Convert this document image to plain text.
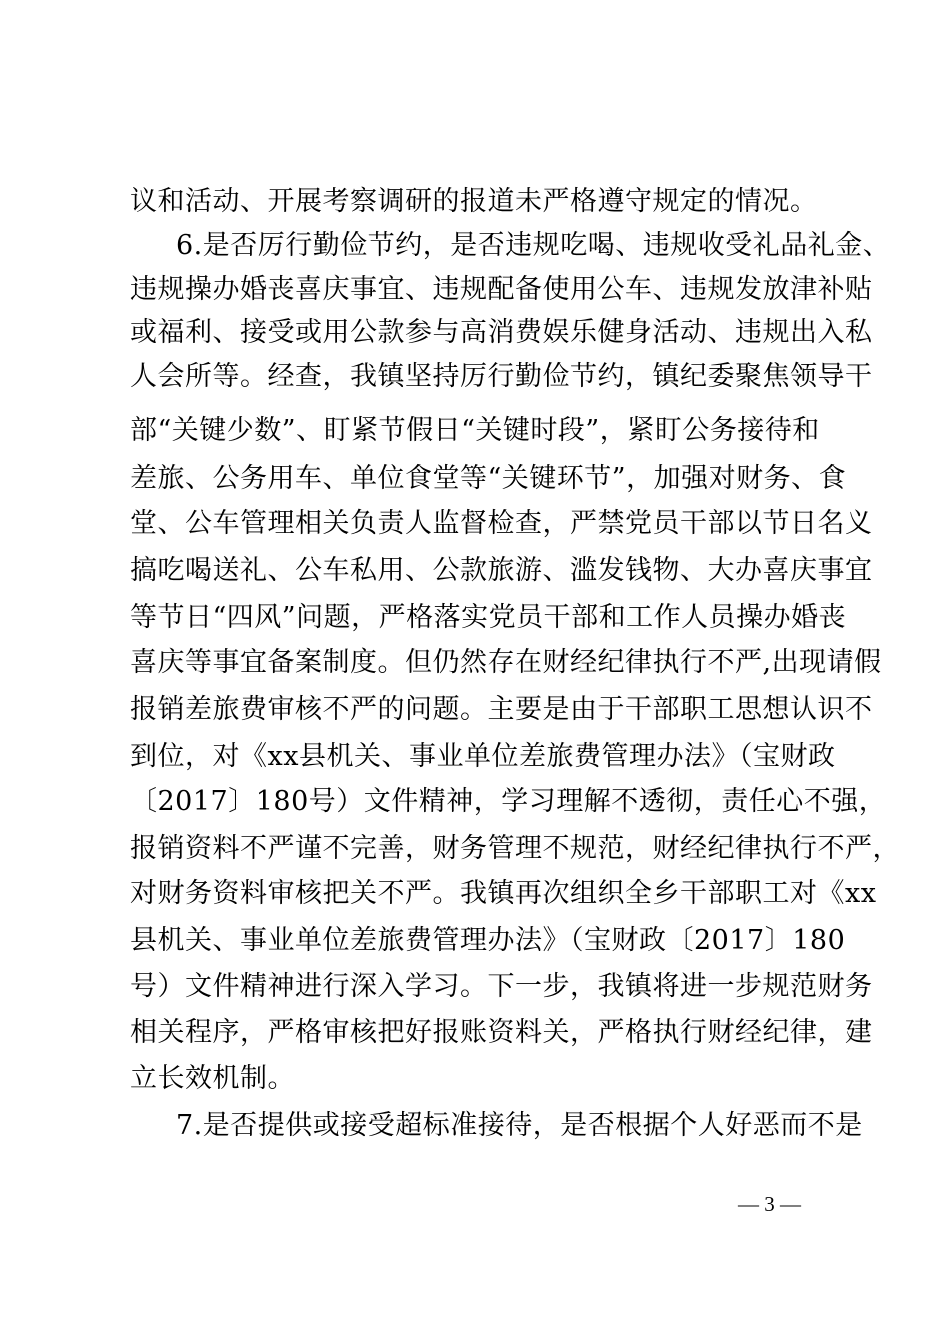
议和活动、开展考察调研的报道未严格遵守规定的情况。
6.是否厉行勤俭节约，是否违规吃喝、违规收受礼品礼金、
违规操办婚丧喜庆事宜、违规配备使用公车、违规发放津补贴
或福利、接受或用公款参与高消费娱乐健身活动、违规出入私
人会所等。经查，我镇坚持厉行勤俭节约，镇纪委聚焦领导干
部“关键少数”、盯紧节假日“关键时段”，紧盯公务接待和
差旅、公务用车、单位食堂等“关键环节”，加强对财务、食
堂、公车管理相关负责人监督检查，严禁党员干部以节日名义
搞吃喝送礼、公车私用、公款旅游、滥发钱物、大办喜庆事宜
等节日“四风”问题，严格落实党员干部和工作人员操办婚丧
喜庆等事宜备案制度。但仍然存在财经纪律执行不严,出现请假
报销差旅费审核不严的问题。主要是由于干部职工思想认识不
到位，对《xx县机关、事业单位差旅费管理办法》（宝财政
〔2017〕180号）文件精神，学习理解不透彻，责任心不强，
报销资料不严谨不完善，财务管理不规范，财经纪律执行不严，
对财务资料审核把关不严。我镇再次组织全乡干部职工对《xx
县机关、事业单位差旅费管理办法》（宝财政〔2017〕180
号）文件精神进行深入学习。下一步，我镇将进一步规范财务
相关程序，严格审核把好报账资料关，严格执行财经纪律，建
立长效机制。
7.是否提供或接受超标准接待，是否根据个人好恶而不是
— 3 —
